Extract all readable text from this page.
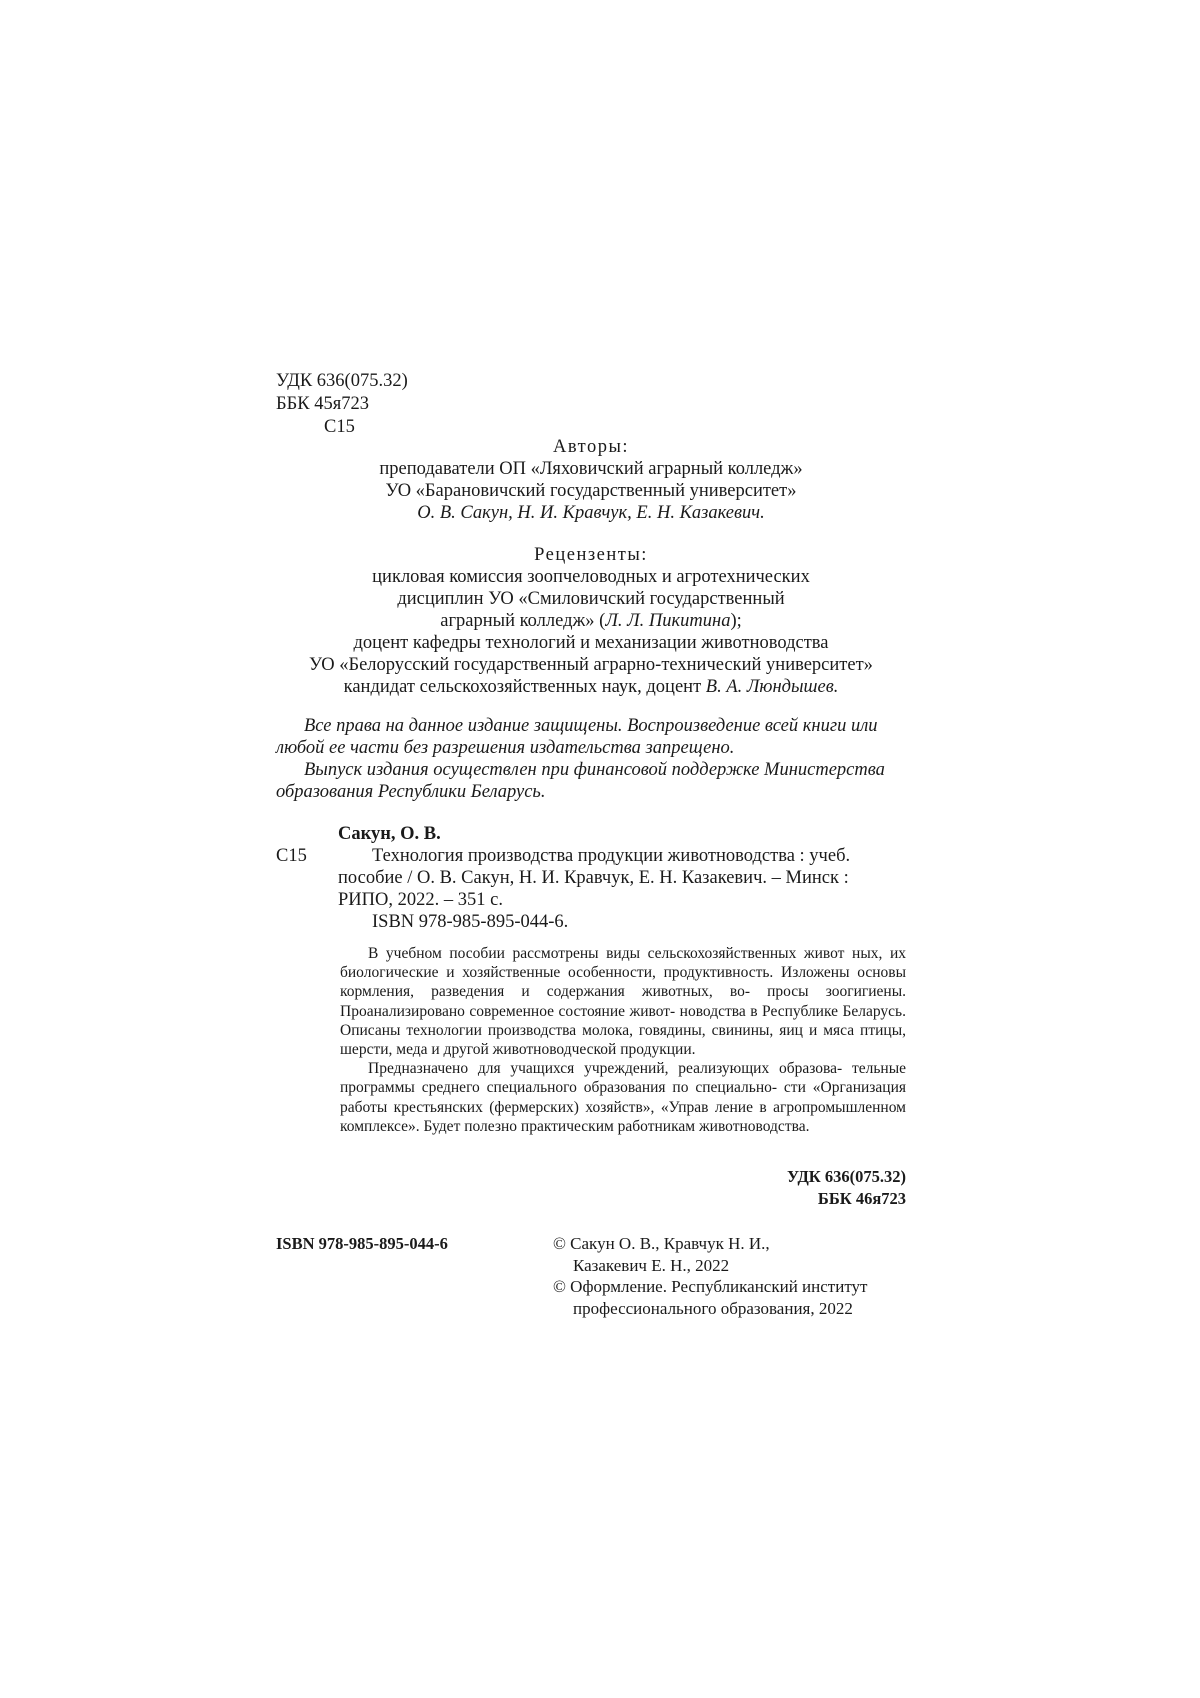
УДК 636(075.32)
ББК 45я723
С15
Авторы:
преподаватели ОП «Ляховичский аграрный колледж»
УО «Барановичский государственный университет»
О. В. Сакун, Н. И. Кравчук, Е. Н. Казакевич.
Рецензенты:
цикловая комиссия зоопчеловодных и агротехнических
дисциплин УО «Смиловичский государственный
аграрный колледж» (Л. Л. Пикитина);
доцент кафедры технологий и механизации животноводства
УО «Белорусский государственный аграрно-технический университет»
кандидат сельскохозяйственных наук, доцент В. А. Люндышев.
Все права на данное издание защищены. Воспроизведение всей книги или
любой ее части без разрешения издательства запрещено.
Выпуск издания осуществлен при финансовой поддержке Министерства
образования Республики Беларусь.
Сакун, О. В.
С15	Технология производства продукции животноводства : учеб.
пособие / О. В. Сакун, Н. И. Кравчук, Е. Н. Казакевич. – Минск :
РИПО, 2022. – 351 с.
ISBN 978-985-895-044-6.
В учебном пособии рассмотрены виды сельскохозяйственных живот ных, их биологические и хозяйственные особенности, продуктивность. Изложены основы кормления, разведения и содержания животных, во- просы зоогигиены. Проанализировано современное состояние живот- новодства в Республике Беларусь. Описаны технологии производства молока, говядины, свинины, яиц и мяса птицы, шерсти, меда и другой животноводческой продукции.
Предназначено для учащихся учреждений, реализующих образова- тельные программы среднего специального образования по специально- сти «Организация работы крестьянских (фермерских) хозяйств», «Управ ление в агропромышленном комплексе». Будет полезно практическим работникам животноводства.
УДК 636(075.32)
ББК 46я723
ISBN 978-985-895-044-6	© Сакун О. В., Кравчук Н. И.,
Казакевич Е. Н., 2022
© Оформление. Республиканский институт
профессионального образования, 2022
